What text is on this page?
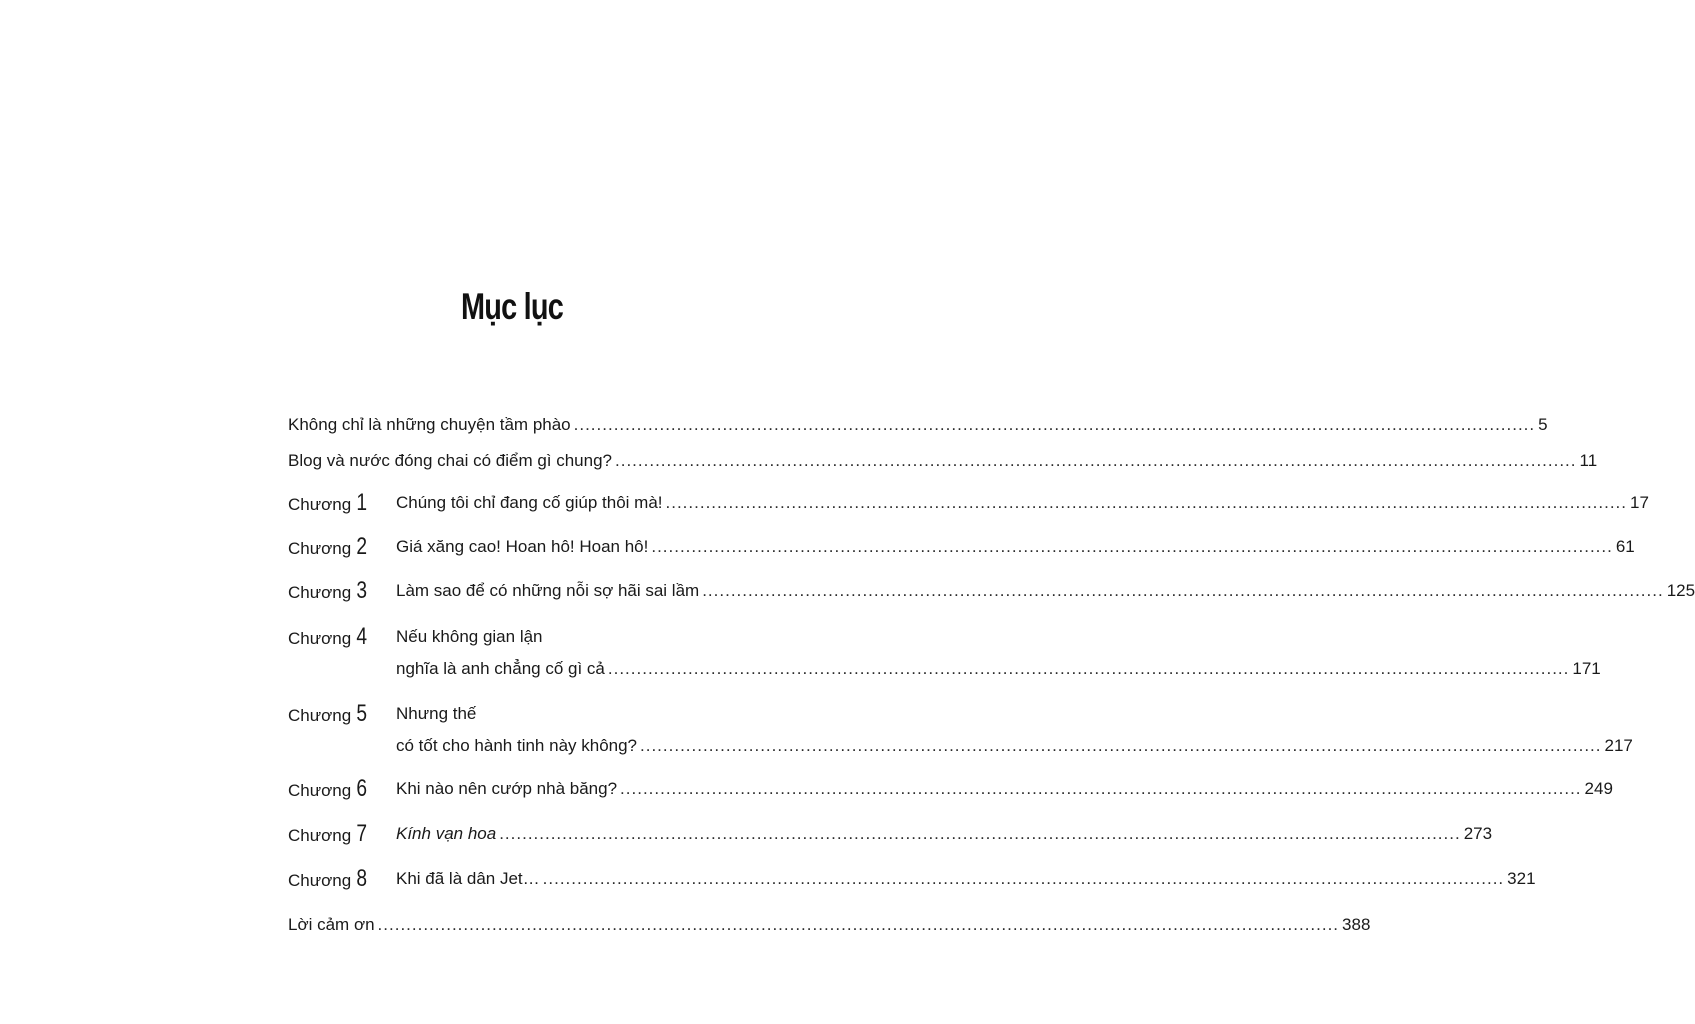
Mục lục
Không chỉ là những chuyện tầm phào .....	5
Blog và nước đóng chai có điểm gì chung? .....	11
Chương 1 Chúng tôi chỉ đang cố giúp thôi mà! .....	17
Chương 2 Giá xăng cao! Hoan hô! Hoan hô! .....	61
Chương 3 Làm sao để có những nỗi sợ hãi sai lầm .....	125
Chương 4 Nếu không gian lận
nghĩa là anh chẳng cố gì cả .....	171
Chương 5 Nhưng thế
có tốt cho hành tinh này không? .....	217
Chương 6 Khi nào nên cướp nhà băng? .....	249
Chương 7 Kính vạn hoa .....	273
Chương 8 Khi đã là dân Jet… .....	321
Lời cảm ơn .....	388
